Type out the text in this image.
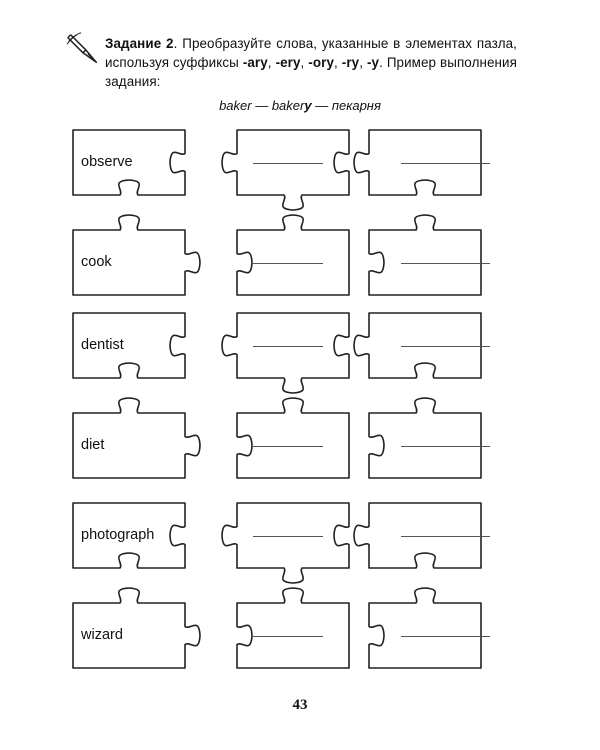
Задание 2. Преобразуйте слова, указанные в элементах пазла, используя суффиксы -ary, -ery, -ory, -ry, -y. Пример выполнения задания:
baker — bakery — пекарня
observe
cook
dentist
diet
photograph
wizard
43
